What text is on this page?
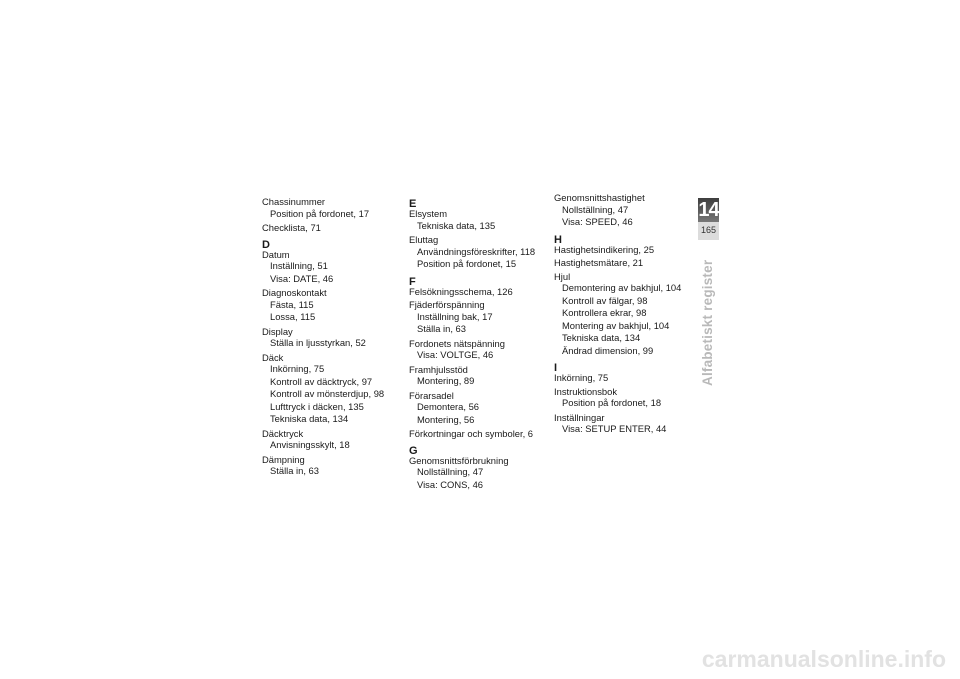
Chassinummer
Position på fordonet, 17
Checklista, 71
D
Datum
Inställning, 51
Visa: DATE, 46
Diagnoskontakt
Fästa, 115
Lossa, 115
Display
Ställa in ljusstyrkan, 52
Däck
Inkörning, 75
Kontroll av däcktryck, 97
Kontroll av mönsterdjup, 98
Lufttryck i däcken, 135
Tekniska data, 134
Däcktryck
Anvisningsskylt, 18
Dämpning
Ställa in, 63
E
Elsystem
Tekniska data, 135
Eluttag
Användningsföreskrifter, 118
Position på fordonet, 15
F
Felsökningsschema, 126
Fjäderförspänning
Inställning bak, 17
Ställa in, 63
Fordonets nätspänning
Visa: VOLTGE, 46
Framhjulsstöd
Montering, 89
Förarsadel
Demontera, 56
Montering, 56
Förkortningar och symboler, 6
G
Genomsnittsförbrukning
Nollställning, 47
Visa: CONS, 46
Genomsnittshastighet
Nollställning, 47
Visa: SPEED, 46
H
Hastighetsindikering, 25
Hastighetsmätare, 21
Hjul
Demontering av bakhjul, 104
Kontroll av fälgar, 98
Kontrollera ekrar, 98
Montering av bakhjul, 104
Tekniska data, 134
Ändrad dimension, 99
I
Inkörning, 75
Instruktionsbok
Position på fordonet, 18
Inställningar
Visa: SETUP ENTER, 44
14
165
Alfabetiskt register
carmanualsonline.info
